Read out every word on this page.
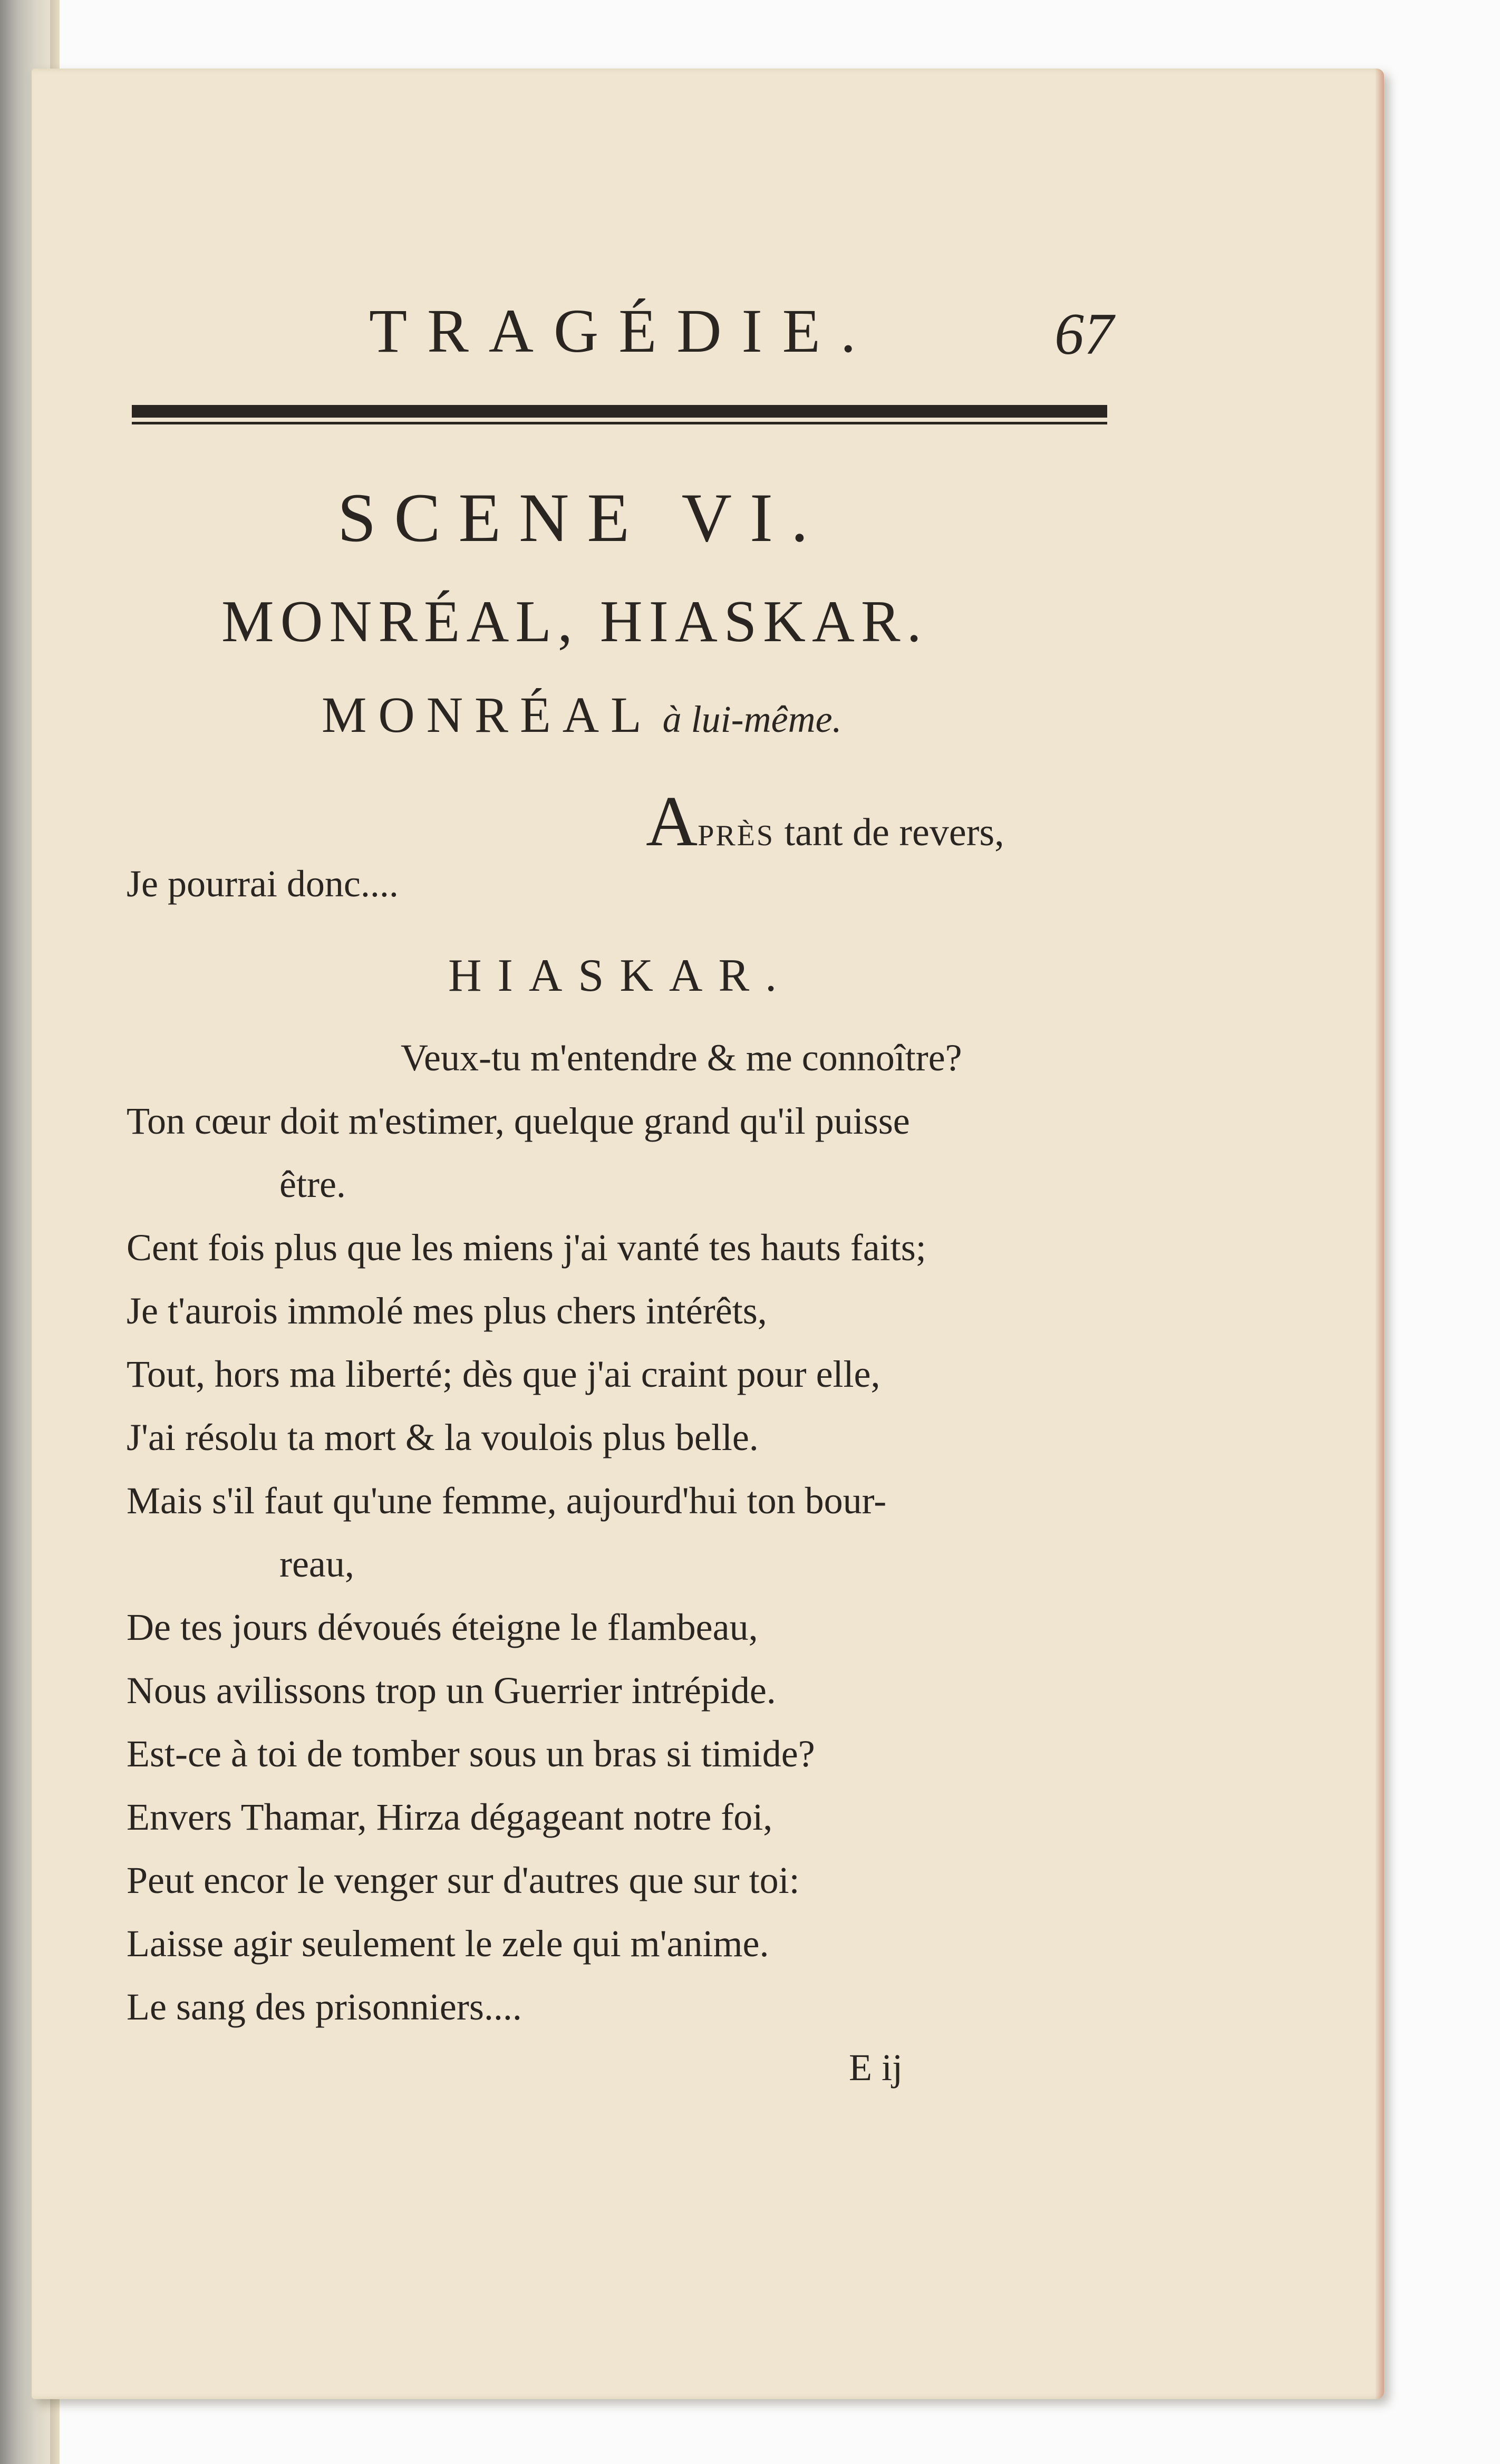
TRAGÉDIE.	67
SCENE VI.
MONRÉAL, HIASKAR.
MONRÉAL à lui-même.
APRÈS tant de revers,
Je pourrai donc....
HIASKAR.
Veux-tu m'entendre & me connoître?
Ton cœur doit m'estimer, quelque grand qu'il puisse
être.
Cent fois plus que les miens j'ai vanté tes hauts faits;
Je t'aurois immolé mes plus chers intérêts,
Tout, hors ma liberté; dès que j'ai craint pour elle,
J'ai résolu ta mort & la voulois plus belle.
Mais s'il faut qu'une femme, aujourd'hui ton bour-
reau,
De tes jours dévoués éteigne le flambeau,
Nous avilissons trop un Guerrier intrépide.
Est-ce à toi de tomber sous un bras si timide?
Envers Thamar, Hirza dégageant notre foi,
Peut encor le venger sur d'autres que sur toi:
Laisse agir seulement le zele qui m'anime.
Le sang des prisonniers....
E ij
